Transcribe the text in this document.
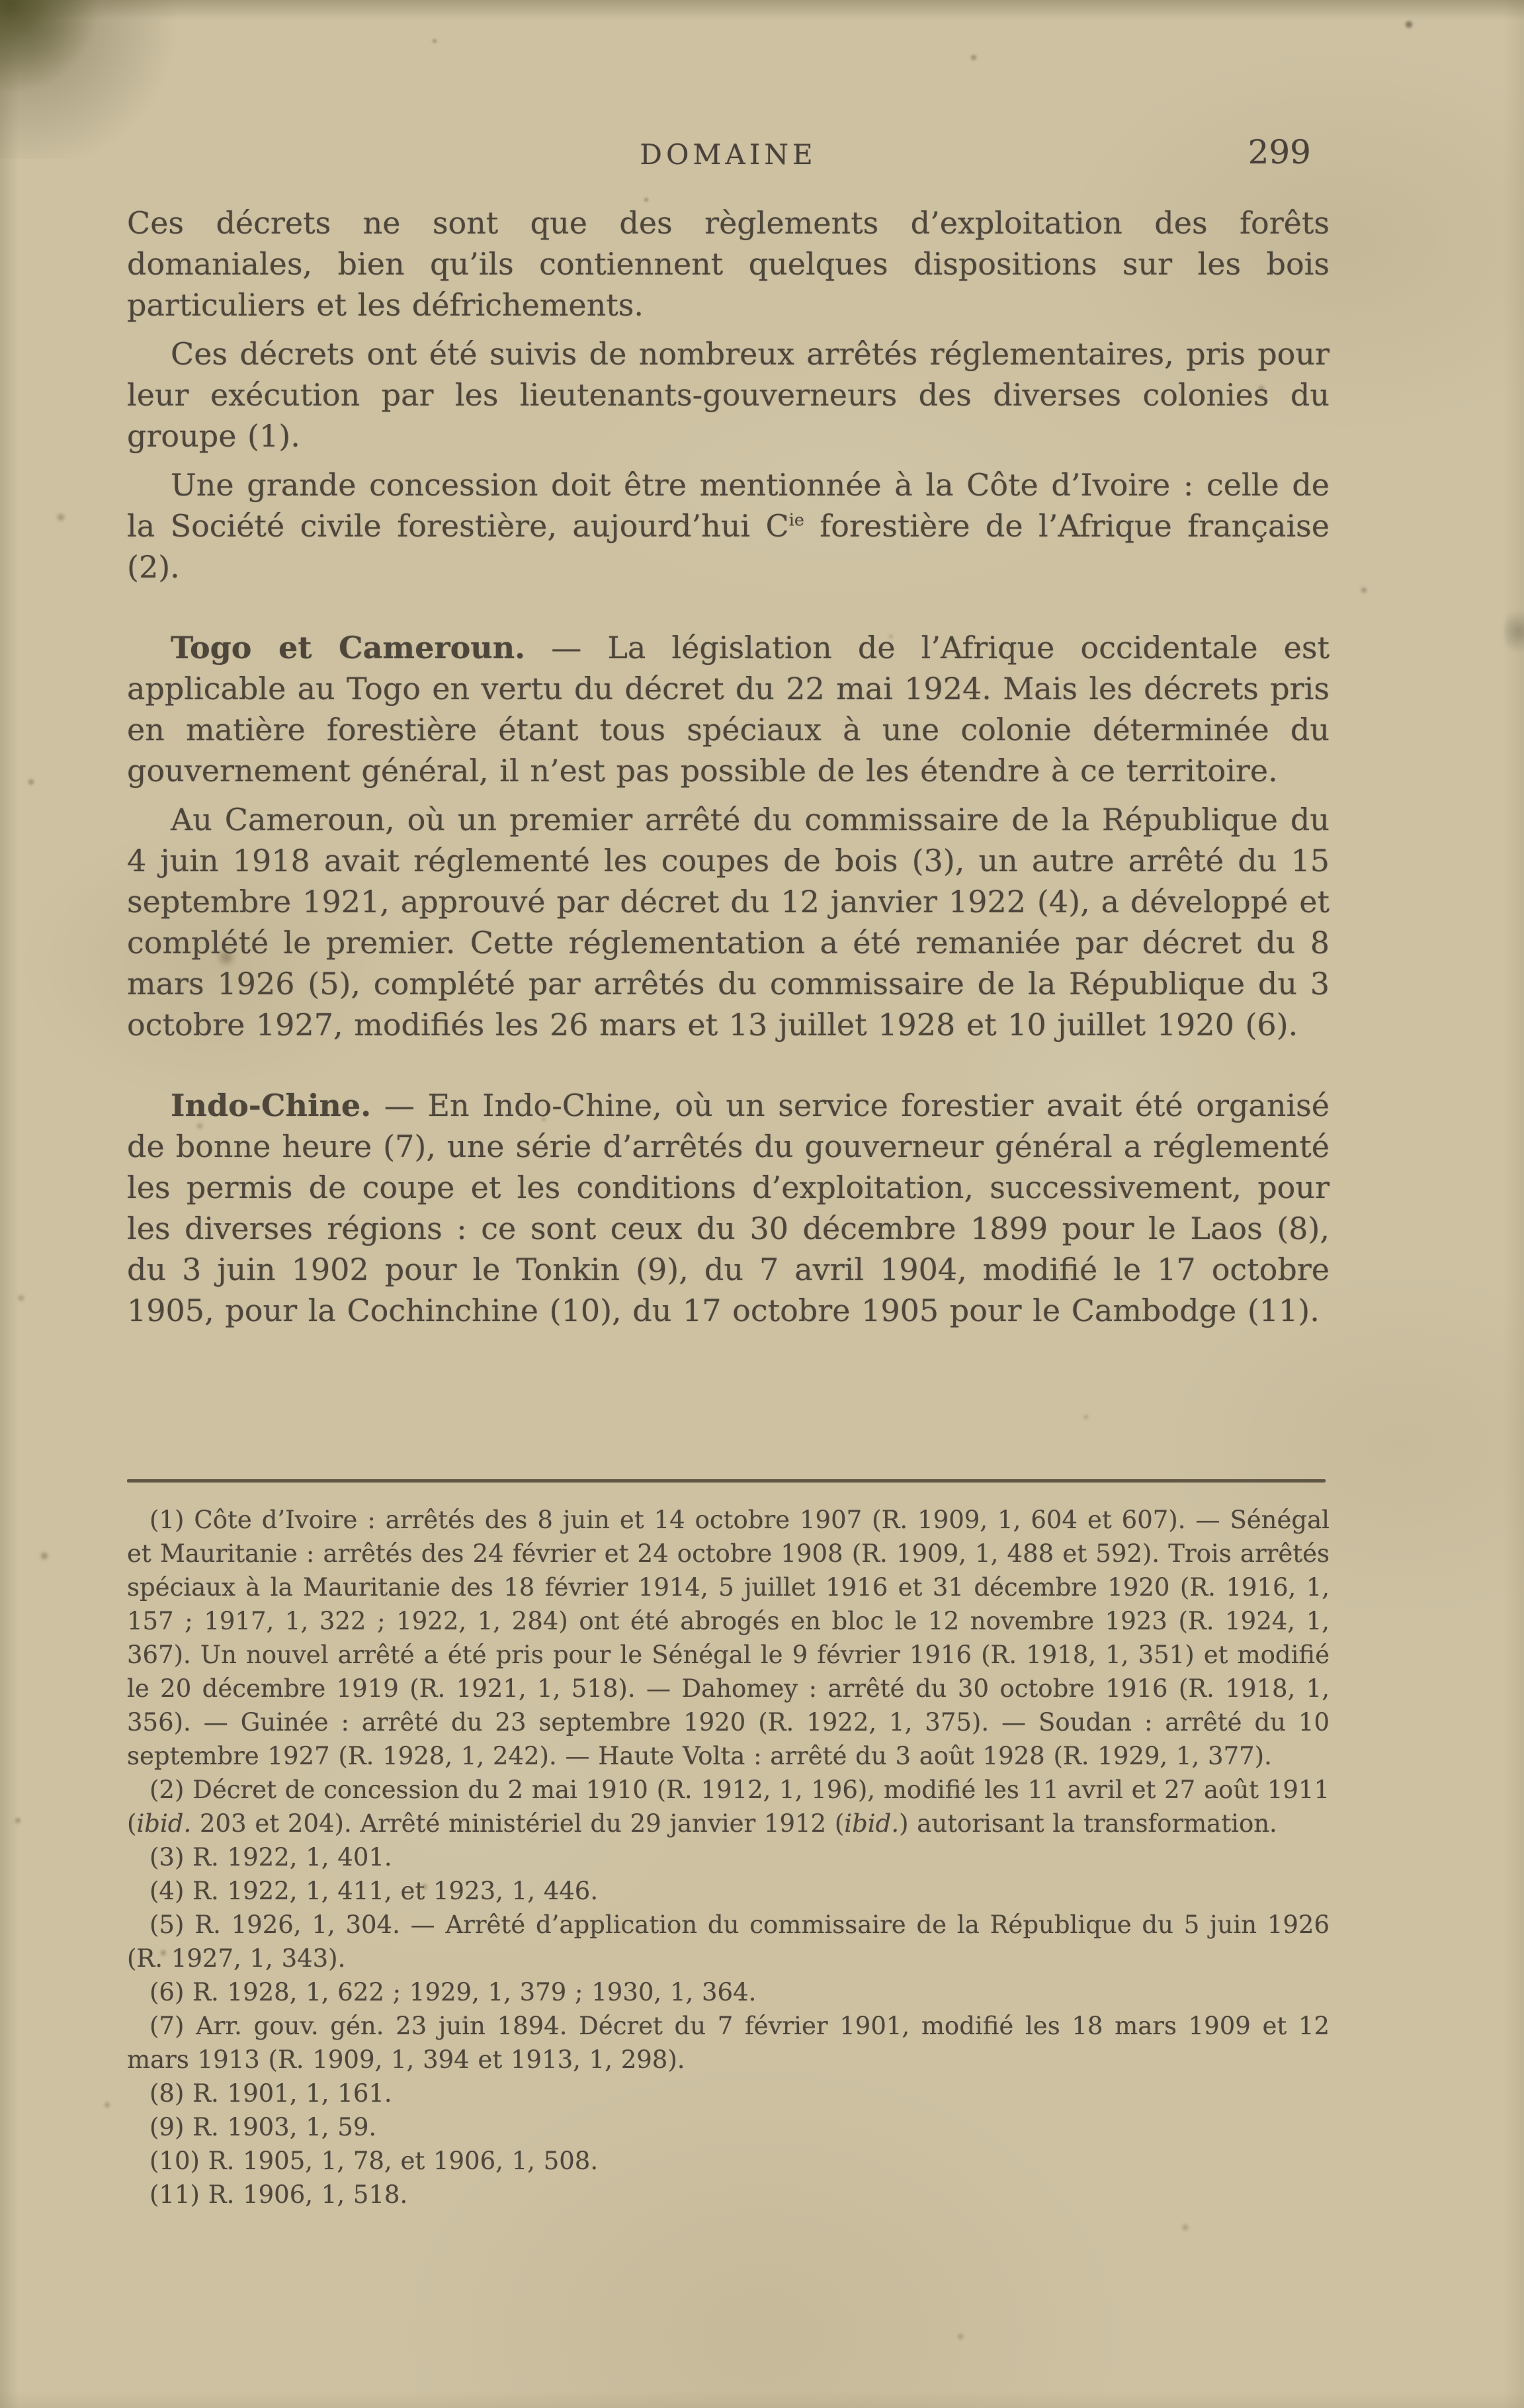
DOMAINE	299

Ces décrets ne sont que des règlements d’exploitation des forêts domaniales, bien qu’ils contiennent quelques dispositions sur les bois particuliers et les défrichements.

Ces décrets ont été suivis de nombreux arrêtés réglementaires, pris pour leur exécution par les lieutenants-gouverneurs des diverses colonies du groupe (1).

Une grande concession doit être mentionnée à la Côte d’Ivoire : celle de la Société civile forestière, aujourd’hui $C^{ie}$ forestière de l’Afrique française (2).

Togo et Cameroun. — La législation de l’Afrique occidentale est applicable au Togo en vertu du décret du 22 mai 1924. Mais les décrets pris en matière forestière étant tous spéciaux à une colonie déterminée du gouvernement général, il n’est pas possible de les étendre à ce territoire.

Au Cameroun, où un premier arrêté du commissaire de la République du 4 juin 1918 avait réglementé les coupes de bois (3), un autre arrêté du 15 septembre 1921, approuvé par décret du 12 janvier 1922 (4), a développé et complété le premier. Cette réglementation a été remaniée par décret du 8 mars 1926 (5), complété par arrêtés du commissaire de la République du 3 octobre 1927, modifiés les 26 mars et 13 juillet 1928 et 10 juillet 1920 (6).

Indo-Chine. — En Indo-Chine, où un service forestier avait été organisé de bonne heure (7), une série d’arrêtés du gouverneur général a réglementé les permis de coupe et les conditions d’exploitation, successivement, pour les diverses régions : ce sont ceux du 30 décembre 1899 pour le Laos (8), du 3 juin 1902 pour le Tonkin (9), du 7 avril 1904, modifié le 17 octobre 1905, pour la Cochinchine (10), du 17 octobre 1905 pour le Cambodge (11).

(1) Côte d’Ivoire : arrêtés des 8 juin et 14 octobre 1907 (R. 1909, 1, 604 et 607). — Sénégal et Mauritanie : arrêtés des 24 février et 24 octobre 1908 (R. 1909, 1, 488 et 592). Trois arrêtés spéciaux à la Mauritanie des 18 février 1914, 5 juillet 1916 et 31 décembre 1920 (R. 1916, 1, 157 ; 1917, 1, 322 ; 1922, 1, 284) ont été abrogés en bloc le 12 novembre 1923 (R. 1924, 1, 367). Un nouvel arrêté a été pris pour le Sénégal le 9 février 1916 (R. 1918, 1, 351) et modifié le 20 décembre 1919 (R. 1921, 1, 518). — Dahomey : arrêté du 30 octobre 1916 (R. 1918, 1, 356). — Guinée : arrêté du 23 septembre 1920 (R. 1922, 1, 375). — Soudan : arrêté du 10 septembre 1927 (R. 1928, 1, 242). — Haute Volta : arrêté du 3 août 1928 (R. 1929, 1, 377).

(2) Décret de concession du 2 mai 1910 (R. 1912, 1, 196), modifié les 11 avril et 27 août 1911 (ibid. 203 et 204). Arrêté ministériel du 29 janvier 1912 (ibid.) autorisant la transformation.

(3) R. 1922, 1, 401.

(4) R. 1922, 1, 411, et 1923, 1, 446.

(5) R. 1926, 1, 304. — Arrêté d’application du commissaire de la République du 5 juin 1926 (R. 1927, 1, 343).

(6) R. 1928, 1, 622 ; 1929, 1, 379 ; 1930, 1, 364.

(7) Arr. gouv. gén. 23 juin 1894. Décret du 7 février 1901, modifié les 18 mars 1909 et 12 mars 1913 (R. 1909, 1, 394 et 1913, 1, 298).

(8) R. 1901, 1, 161.

(9) R. 1903, 1, 59.

(10) R. 1905, 1, 78, et 1906, 1, 508.

(11) R. 1906, 1, 518.
